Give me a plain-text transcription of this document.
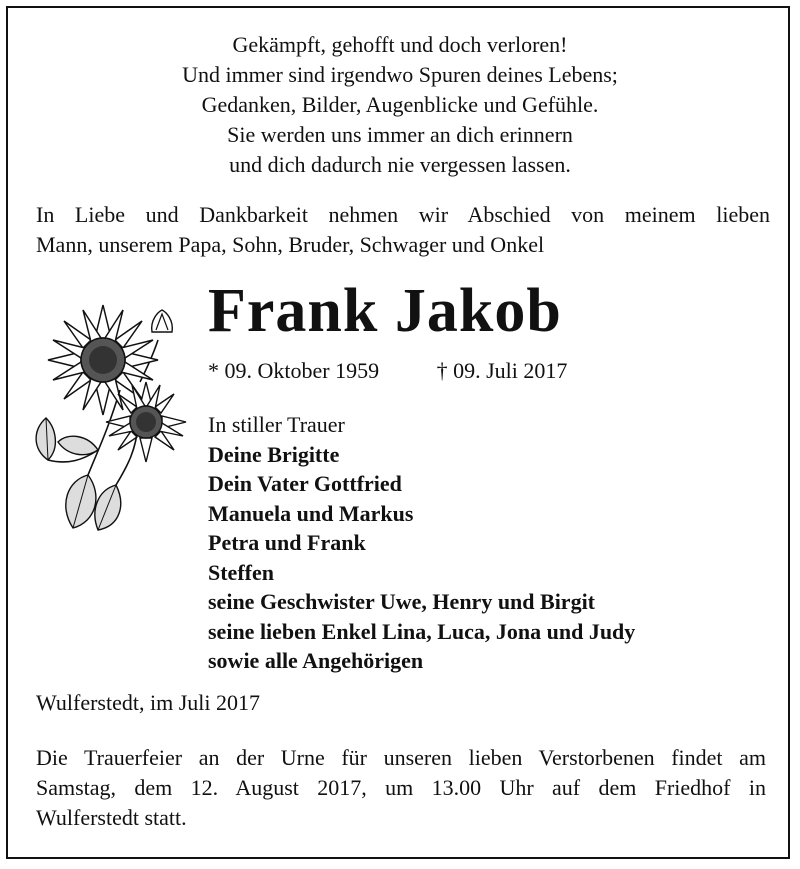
Gekämpft, gehofft und doch verloren!
Und immer sind irgendwo Spuren deines Lebens;
Gedanken, Bilder, Augenblicke und Gefühle.
Sie werden uns immer an dich erinnern
und dich dadurch nie vergessen lassen.
In Liebe und Dankbarkeit nehmen wir Abschied von meinem lieben
Mann, unserem Papa, Sohn, Bruder, Schwager und Onkel
Frank Jakob
* 09. Oktober 1959	† 09. Juli 2017
In stiller Trauer
Deine Brigitte
Dein Vater Gottfried
Manuela und Markus
Petra und Frank
Steffen
seine Geschwister Uwe, Henry und Birgit
seine lieben Enkel Lina, Luca, Jona und Judy
sowie alle Angehörigen
Wulferstedt, im Juli 2017
Die Trauerfeier an der Urne für unseren lieben Verstorbenen findet am
Samstag, dem 12. August 2017, um 13.00 Uhr auf dem Friedhof in
Wulferstedt statt.
